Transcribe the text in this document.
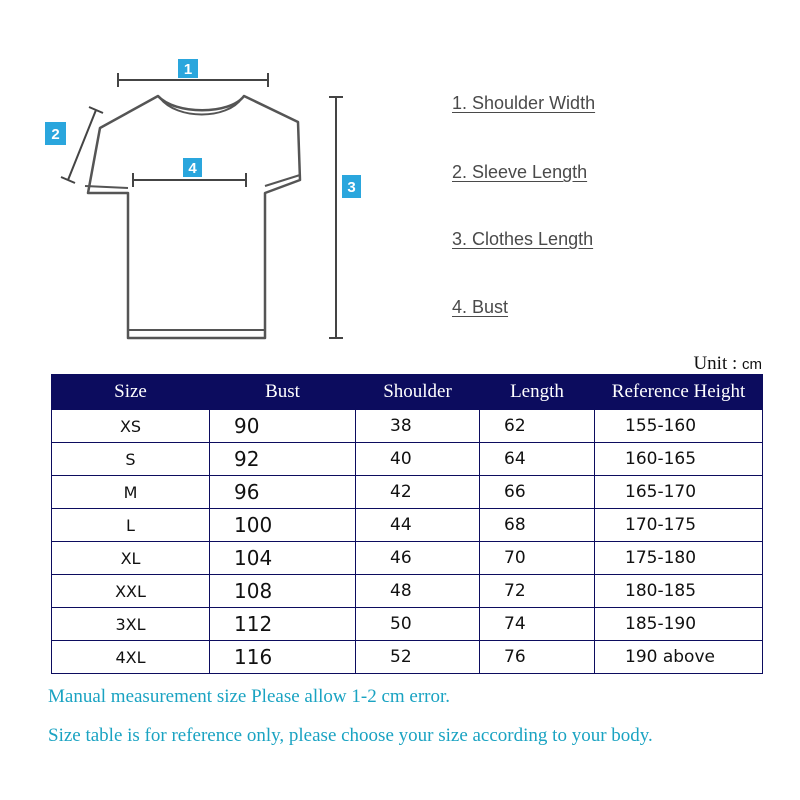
1
2
4
3
1. Shoulder Width
2. Sleeve Length
3. Clothes Length
4. Bust
Unit : cm
Size	Bust	Shoulder	Length	Reference Height
XS	90	38	62	155-160
S	92	40	64	160-165
M	96	42	66	165-170
L	100	44	68	170-175
XL	104	46	70	175-180
XXL	108	48	72	180-185
3XL	112	50	74	185-190
4XL	116	52	76	190 above
Manual measurement size Please allow 1-2 cm error.
Size table is for reference only, please choose your size according to your body.
